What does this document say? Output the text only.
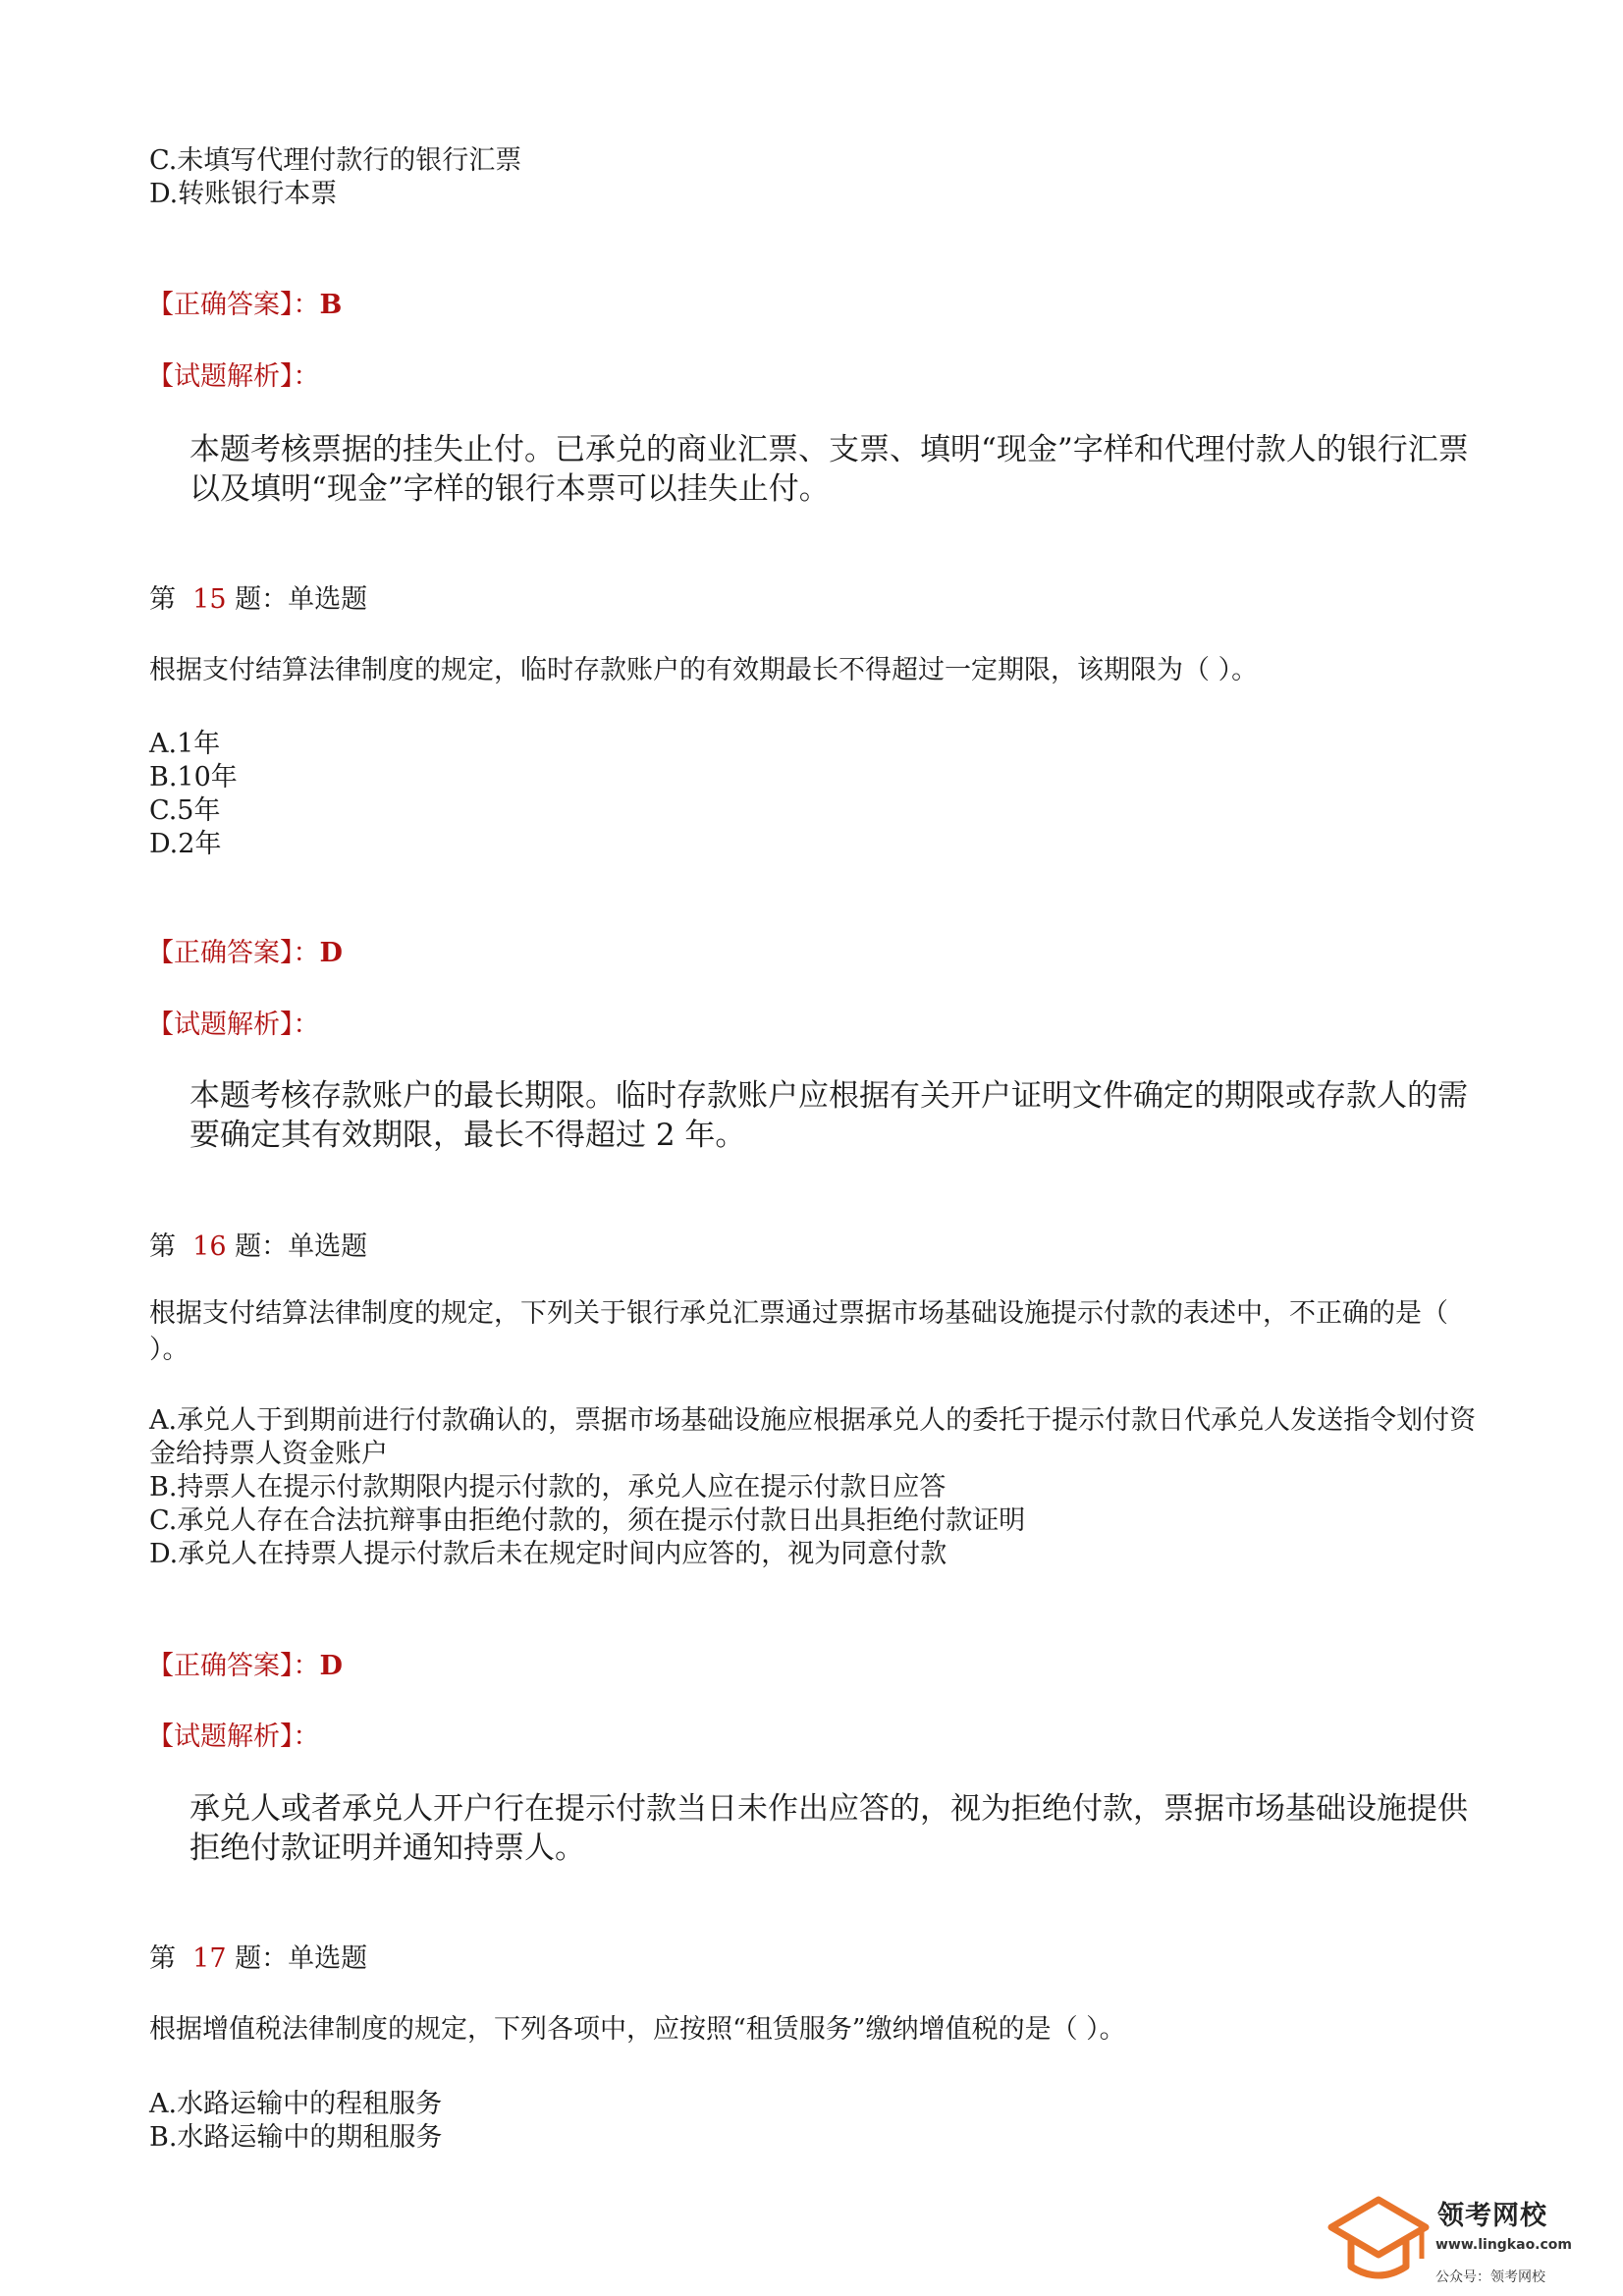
C.未填写代理付款行的银行汇票
D.转账银行本票
【正确答案】：B
【试题解析】：
本题考核票据的挂失止付。已承兑的商业汇票、支票、填明“现金”字样和代理付款人的银行汇票以及填明“现金”字样的银行本票可以挂失止付。
第 15 题：单选题
根据支付结算法律制度的规定，临时存款账户的有效期最长不得超过一定期限，该期限为（ ）。
A.1年
B.10年
C.5年
D.2年
【正确答案】：D
【试题解析】：
本题考核存款账户的最长期限。临时存款账户应根据有关开户证明文件确定的期限或存款人的需要确定其有效期限，最长不得超过 2 年。
第 16 题：单选题
根据支付结算法律制度的规定，下列关于银行承兑汇票通过票据市场基础设施提示付款的表述中，不正确的是（ ）。
A.承兑人于到期前进行付款确认的，票据市场基础设施应根据承兑人的委托于提示付款日代承兑人发送指令划付资金给持票人资金账户
B.持票人在提示付款期限内提示付款的，承兑人应在提示付款日应答
C.承兑人存在合法抗辩事由拒绝付款的，须在提示付款日出具拒绝付款证明
D.承兑人在持票人提示付款后未在规定时间内应答的，视为同意付款
【正确答案】：D
【试题解析】：
承兑人或者承兑人开户行在提示付款当日未作出应答的，视为拒绝付款，票据市场基础设施提供拒绝付款证明并通知持票人。
第 17 题：单选题
根据增值税法律制度的规定，下列各项中，应按照“租赁服务”缴纳增值税的是（ ）。
A.水路运输中的程租服务
B.水路运输中的期租服务
领考网校
www.lingkao.com
公众号：领考网校
